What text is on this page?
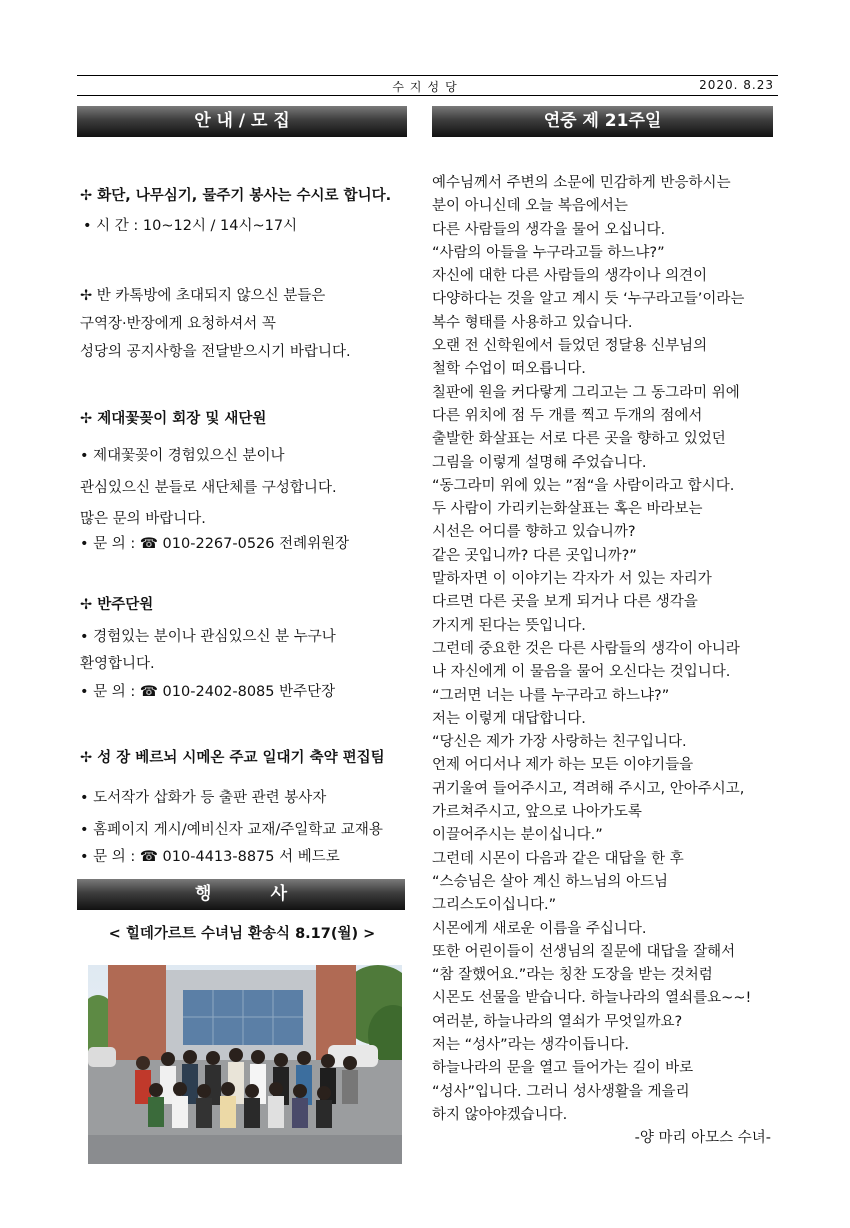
수지성당	2020. 8.23
안 내 / 모 집	연중 제 21주일
✢ 화단, 나무심기, 물주기 봉사는 수시로 합니다.
• 시 간 : 10~12시 / 14시~17시
✢ 반 카톡방에 초대되지 않으신 분들은
구역장·반장에게 요청하셔서 꼭
성당의 공지사항을 전달받으시기 바랍니다.
✢ 제대꽃꽂이 회장 및 새단원
• 제대꽃꽂이 경험있으신 분이나
관심있으신 분들로 새단체를 구성합니다.
많은 문의 바랍니다.
• 문 의 : ☎ 010-2267-0526 전례위원장
✢ 반주단원
• 경험있는 분이나 관심있으신 분 누구나
환영합니다.
• 문 의 : ☎ 010-2402-8085 반주단장
✢ 성 장 베르뇌 시메온 주교 일대기 축약 편집팀
• 도서작가 삽화가 등 출판 관련 봉사자
• 홈페이지 게시/예비신자 교재/주일학교 교재용
• 문 의 : ☎ 010-4413-8875 서 베드로
행          사
< 힐데가르트 수녀님 환송식 8.17(월) >
예수님께서 주변의 소문에 민감하게 반응하시는
분이 아니신데 오늘 복음에서는
다른 사람들의 생각을 물어 오십니다.
“사람의 아들을 누구라고들 하느냐?”
자신에 대한 다른 사람들의 생각이나 의견이
다양하다는 것을 알고 계시 듯 ‘누구라고들’이라는
복수 형태를 사용하고 있습니다.
오랜 전 신학원에서 들었던 정달용 신부님의
철학 수업이 떠오릅니다.
칠판에 원을 커다랗게 그리고는 그 동그라미 위에
다른 위치에 점 두 개를 찍고 두개의 점에서
출발한 화살표는 서로 다른 곳을 향하고 있었던
그림을 이렇게 설명해 주었습니다.
“동그라미 위에 있는 ”점“을 사람이라고 합시다.
두 사람이 가리키는화살표는 혹은 바라보는
시선은 어디를 향하고 있습니까?
같은 곳입니까? 다른 곳입니까?”
말하자면 이 이야기는 각자가 서 있는 자리가
다르면 다른 곳을 보게 되거나 다른 생각을
가지게 된다는 뜻입니다.
그런데 중요한 것은 다른 사람들의 생각이 아니라
나 자신에게 이 물음을 물어 오신다는 것입니다.
“그러면 너는 나를 누구라고 하느냐?”
저는 이렇게 대답합니다.
“당신은 제가 가장 사랑하는 친구입니다.
언제 어디서나 제가 하는 모든 이야기들을
귀기울여 들어주시고, 격려해 주시고, 안아주시고,
가르쳐주시고, 앞으로 나아가도록
이끌어주시는 분이십니다.”
그런데 시몬이 다음과 같은 대답을 한 후
“스승님은 살아 계신 하느님의 아드님
그리스도이십니다.”
시몬에게 새로운 이름을 주십니다.
또한 어린이들이 선생님의 질문에 대답을 잘해서
“참 잘했어요.”라는 칭찬 도장을 받는 것처럼
시몬도 선물을 받습니다. 하늘나라의 열쇠를요~~!
여러분, 하늘나라의 열쇠가 무엇일까요?
저는 “성사”라는 생각이듭니다.
하늘나라의 문을 열고 들어가는 길이 바로
“성사”입니다. 그러니 성사생활을 게을리
하지 않아야겠습니다.
-양 마리 아모스 수녀-
